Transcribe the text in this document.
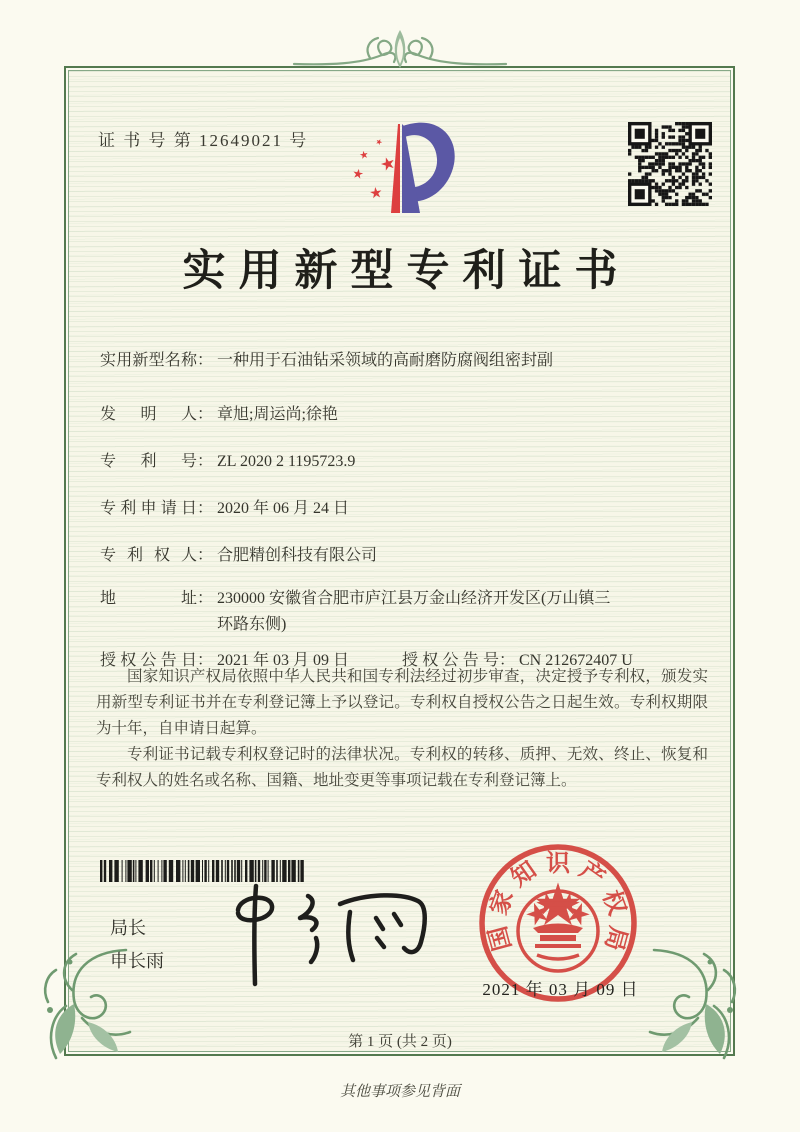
证 书 号 第 12649021 号
实用新型专利证书
实用新型名称 ： 一种用于石油钻采领域的高耐磨防腐阀组密封副
发明人 ： 章旭;周运尚;徐艳
专利号 ： ZL 2020 2 1195723.9
专利申请日 ： 2020 年 06 月 24 日
专利权人 ： 合肥精创科技有限公司
地址 ： 230000 安徽省合肥市庐江县万金山经济开发区(万山镇三环路东侧)
授权公告日 ： 2021 年 03 月 09 日	授权公告号 ： CN 212672407 U

国家知识产权局依照中华人民共和国专利法经过初步审查，决定授予专利权，颁发实用新型专利证书并在专利登记簿上予以登记。专利权自授权公告之日起生效。专利权期限为十年，自申请日起算。

专利证书记载专利权登记时的法律状况。专利权的转移、质押、无效、终止、恢复和专利权人的姓名或名称、国籍、地址变更等事项记载在专利登记簿上。

局长
申长雨
国
家
知 识 产
权
局
2021 年 03 月 09 日
第 1 页 (共 2 页)
其他事项参见背面
